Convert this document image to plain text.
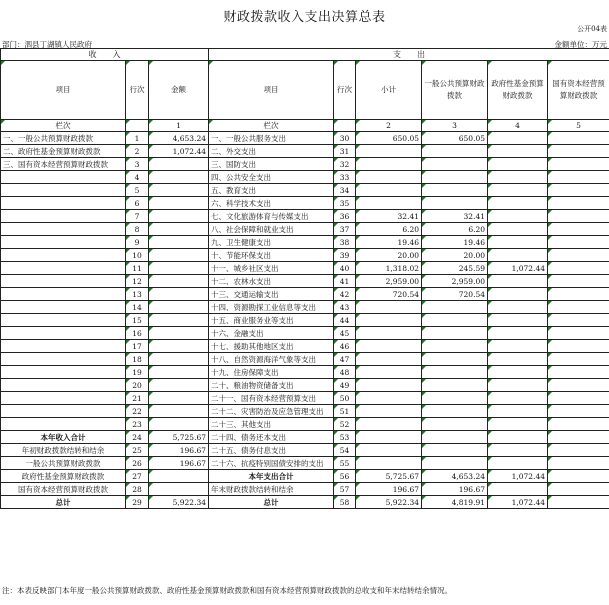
财政拨款收入支出决算总表
公开04表
部门：泗县丁湖镇人民政府	金额单位：万元
收　　入			支　　出					
项目	行次	金额	项目	行次	小计	一般公共预算财政拨款	政府性基金预算财政拨款	国有资本经营预算财政拨款
栏次		1	栏次		2	3	4	5
一、一般公共预算财政拨款	1	4,653.24	一、一般公共服务支出	30	650.05	650.05		
二、政府性基金预算财政拨款	2	1,072.44	二、外交支出	31				
三、国有资本经营预算财政拨款	3		三、国防支出	32				
	4		四、公共安全支出	33				
	5		五、教育支出	34				
	6		六、科学技术支出	35				
	7		七、文化旅游体育与传媒支出	36	32.41	32.41		
	8		八、社会保障和就业支出	37	6.20	6.20		
	9		九、卫生健康支出	38	19.46	19.46		
	10		十、节能环保支出	39	20.00	20.00		
	11		十一、城乡社区支出	40	1,318.02	245.59	1,072.44	
	12		十二、农林水支出	41	2,959.00	2,959.00		
	13		十三、交通运输支出	42	720.54	720.54		
	14		十四、资源勘探工业信息等支出	43				
	15		十五、商业服务业等支出	44				
	16		十六、金融支出	45				
	17		十七、援助其他地区支出	46				
	18		十八、自然资源海洋气象等支出	47				
	19		十九、住房保障支出	48				
	20		二十、粮油物资储备支出	49				
	21		二十一、国有资本经营预算支出	50				
	22		二十二、灾害防治及应急管理支出	51				
	23		二十三、其他支出	52				
本年收入合计	24	5,725.67	二十四、债务还本支出	53				
年初财政拨款结转和结余	25	196.67	二十五、债务付息支出	54				
一般公共预算财政拨款	26	196.67	二十六、抗疫特别国债安排的支出	55				
政府性基金预算财政拨款	27		本年支出合计	56	5,725.67	4,653.24	1,072.44	
国有资本经营预算财政拨款	28		年末财政拨款结转和结余	57	196.67	196.67		
总计	29	5,922.34	总计	58	5,922.34	4,819.91	1,072.44	
注：本表反映部门本年度一般公共预算财政拨款、政府性基金预算财政拨款和国有资本经营预算财政拨款的总收支和年末结转结余情况。
